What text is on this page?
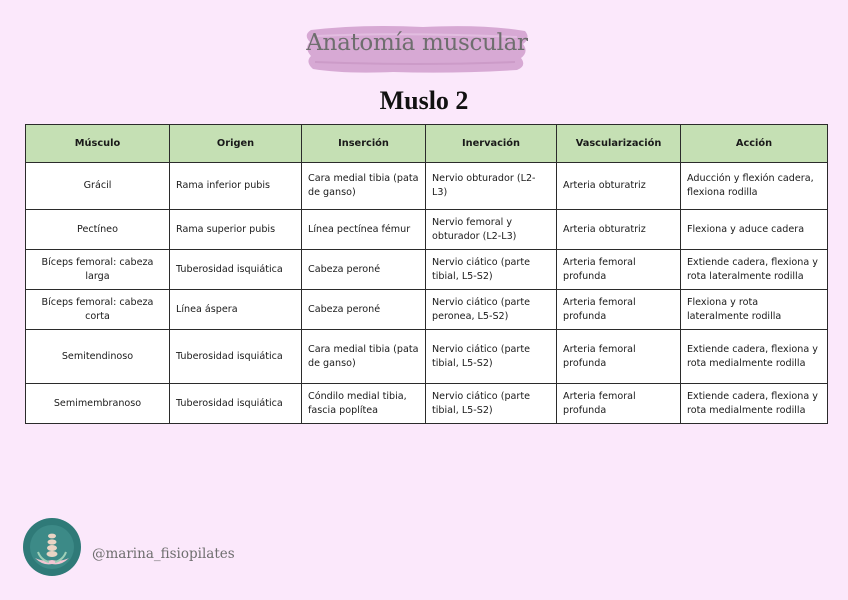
Anatomía muscular
Muslo 2
Músculo	Origen	Inserción	Inervación	Vascularización	Acción
Grácil	Rama inferior pubis	Cara medial tibia (pata de ganso)	Nervio obturador (L2-L3)	Arteria obturatriz	Aducción y flexión cadera, flexiona rodilla
Pectíneo	Rama superior pubis	Línea pectínea fémur	Nervio femoral y obturador (L2-L3)	Arteria obturatriz	Flexiona y aduce cadera
Bíceps femoral: cabeza larga	Tuberosidad isquiática	Cabeza peroné	Nervio ciático (parte tibial, L5-S2)	Arteria femoral profunda	Extiende cadera, flexiona y rota lateralmente rodilla
Bíceps femoral: cabeza corta	Línea áspera	Cabeza peroné	Nervio ciático (parte peronea, L5-S2)	Arteria femoral profunda	Flexiona y rota lateralmente rodilla
Semitendinoso	Tuberosidad isquiática	Cara medial tibia (pata de ganso)	Nervio ciático (parte tibial, L5-S2)	Arteria femoral profunda	Extiende cadera, flexiona y rota medialmente rodilla
Semimembranoso	Tuberosidad isquiática	Cóndilo medial tibia, fascia poplítea	Nervio ciático (parte tibial, L5-S2)	Arteria femoral profunda	Extiende cadera, flexiona y rota medialmente rodilla
@marina_fisiopilates
